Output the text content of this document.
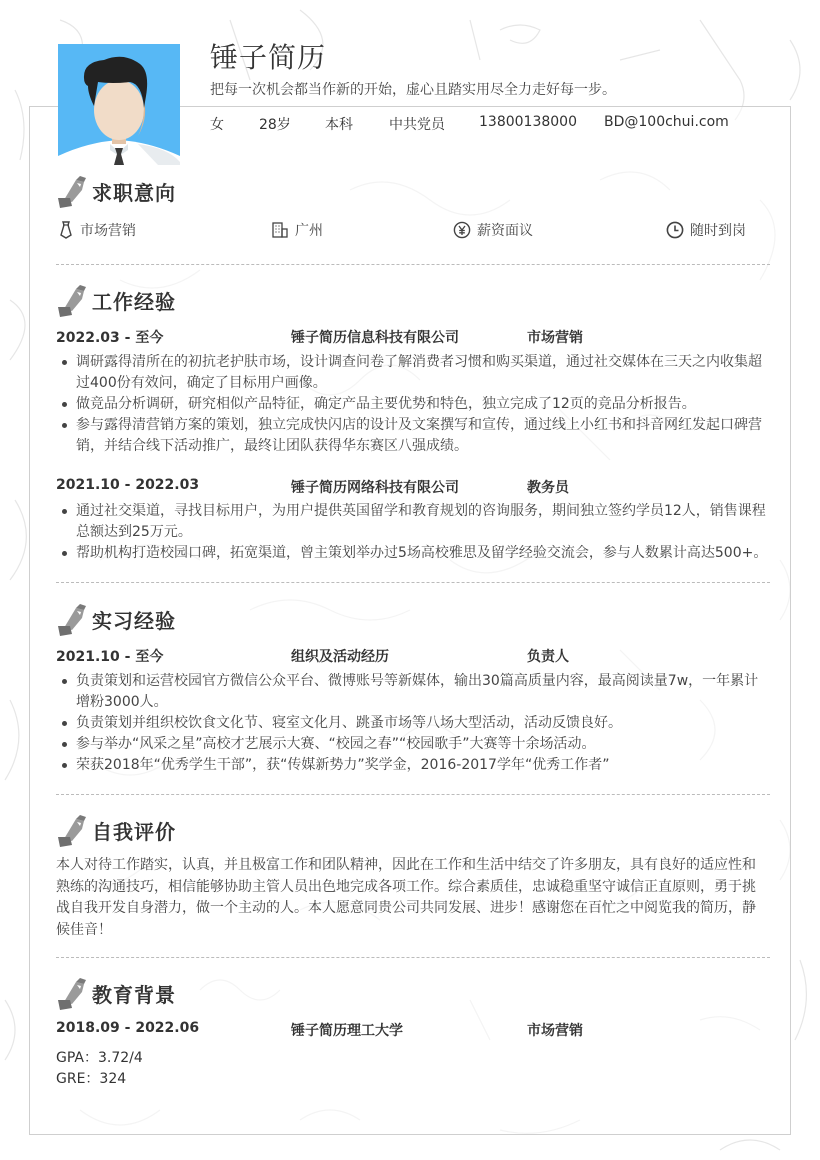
锤子简历
把每一次机会都当作新的开始，虚心且踏实用尽全力走好每一步。
女	28岁 本科	中共党员 13800138000 BD@100chui.com
求职意向
市场营销	广州	薪资面议	随时到岗
工作经验
2022.03 - 至今	锤子简历信息科技有限公司	市场营销
调研露得清所在的初抗老护肤市场，设计调查问卷了解消费者习惯和购买渠道，通过社交媒体在三天之内收集超过400份有效问，确定了目标用户画像。
做竞品分析调研，研究相似产品特征，确定产品主要优势和特色，独立完成了12页的竞品分析报告。
参与露得清营销方案的策划，独立完成快闪店的设计及文案撰写和宣传，通过线上小红书和抖音网红发起口碑营销，并结合线下活动推广，最终让团队获得华东赛区八强成绩。
2021.10 - 2022.03	锤子简历网络科技有限公司	教务员
通过社交渠道，寻找目标用户，为用户提供英国留学和教育规划的咨询服务，期间独立签约学员12人，销售课程总额达到25万元。
帮助机构打造校园口碑，拓宽渠道，曾主策划举办过5场高校雅思及留学经验交流会，参与人数累计高达500+。
实习经验
2021.10 - 至今	组织及活动经历	负责人
负责策划和运营校园官方微信公众平台、微博账号等新媒体，输出30篇高质量内容，最高阅读量7w，一年累计增粉3000人。
负责策划并组织校饮食文化节、寝室文化月、跳蚤市场等八场大型活动，活动反馈良好。
参与举办“风采之星”高校才艺展示大赛、“校园之春”“校园歌手”大赛等十余场活动。
荣获2018年“优秀学生干部”，获“传媒新势力”奖学金，2016-2017学年“优秀工作者”
自我评价
本人对待工作踏实，认真，并且极富工作和团队精神，因此在工作和生活中结交了许多朋友，具有良好的适应性和熟练的沟通技巧，相信能够协助主管人员出色地完成各项工作。综合素质佳，忠诚稳重坚守诚信正直原则，勇于挑战自我开发自身潜力，做一个主动的人。本人愿意同贵公司共同发展、进步！感谢您在百忙之中阅览我的简历，静候佳音！
教育背景
2018.09 - 2022.06	锤子简历理工大学	市场营销
GPA：3.72/4
GRE：324
